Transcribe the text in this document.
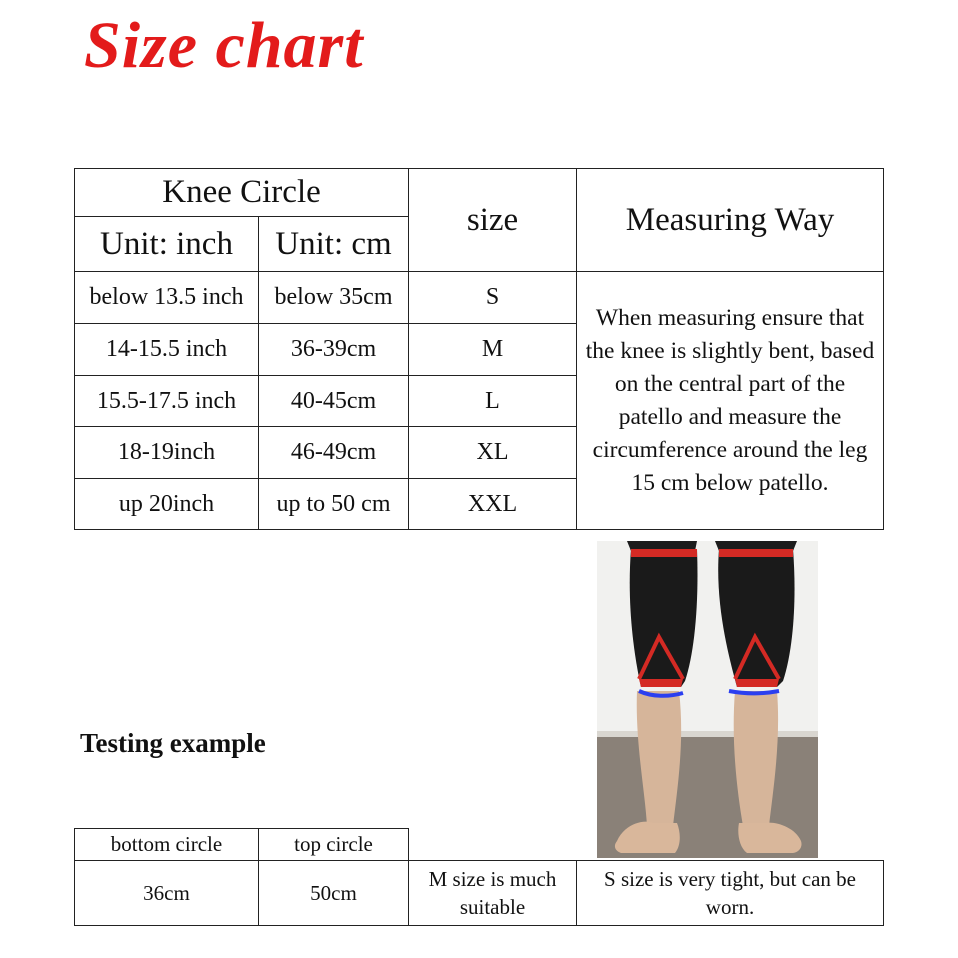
Size chart
Knee Circle		size	Measuring Way
Unit: inch	Unit: cm		
below 13.5 inch	below 35cm	S	When measuring ensure that the knee is slightly bent, based on the central part of the patello and measure the circumference around the leg 15 cm below patello.
14-15.5 inch	36-39cm	M	
15.5-17.5 inch	40-45cm	L	
18-19inch	46-49cm	XL	
up 20inch	up to 50 cm	XXL	
Testing example
bottom circle	top circle		
36cm	50cm	M size is much suitable	S size is very tight, but can be worn.
